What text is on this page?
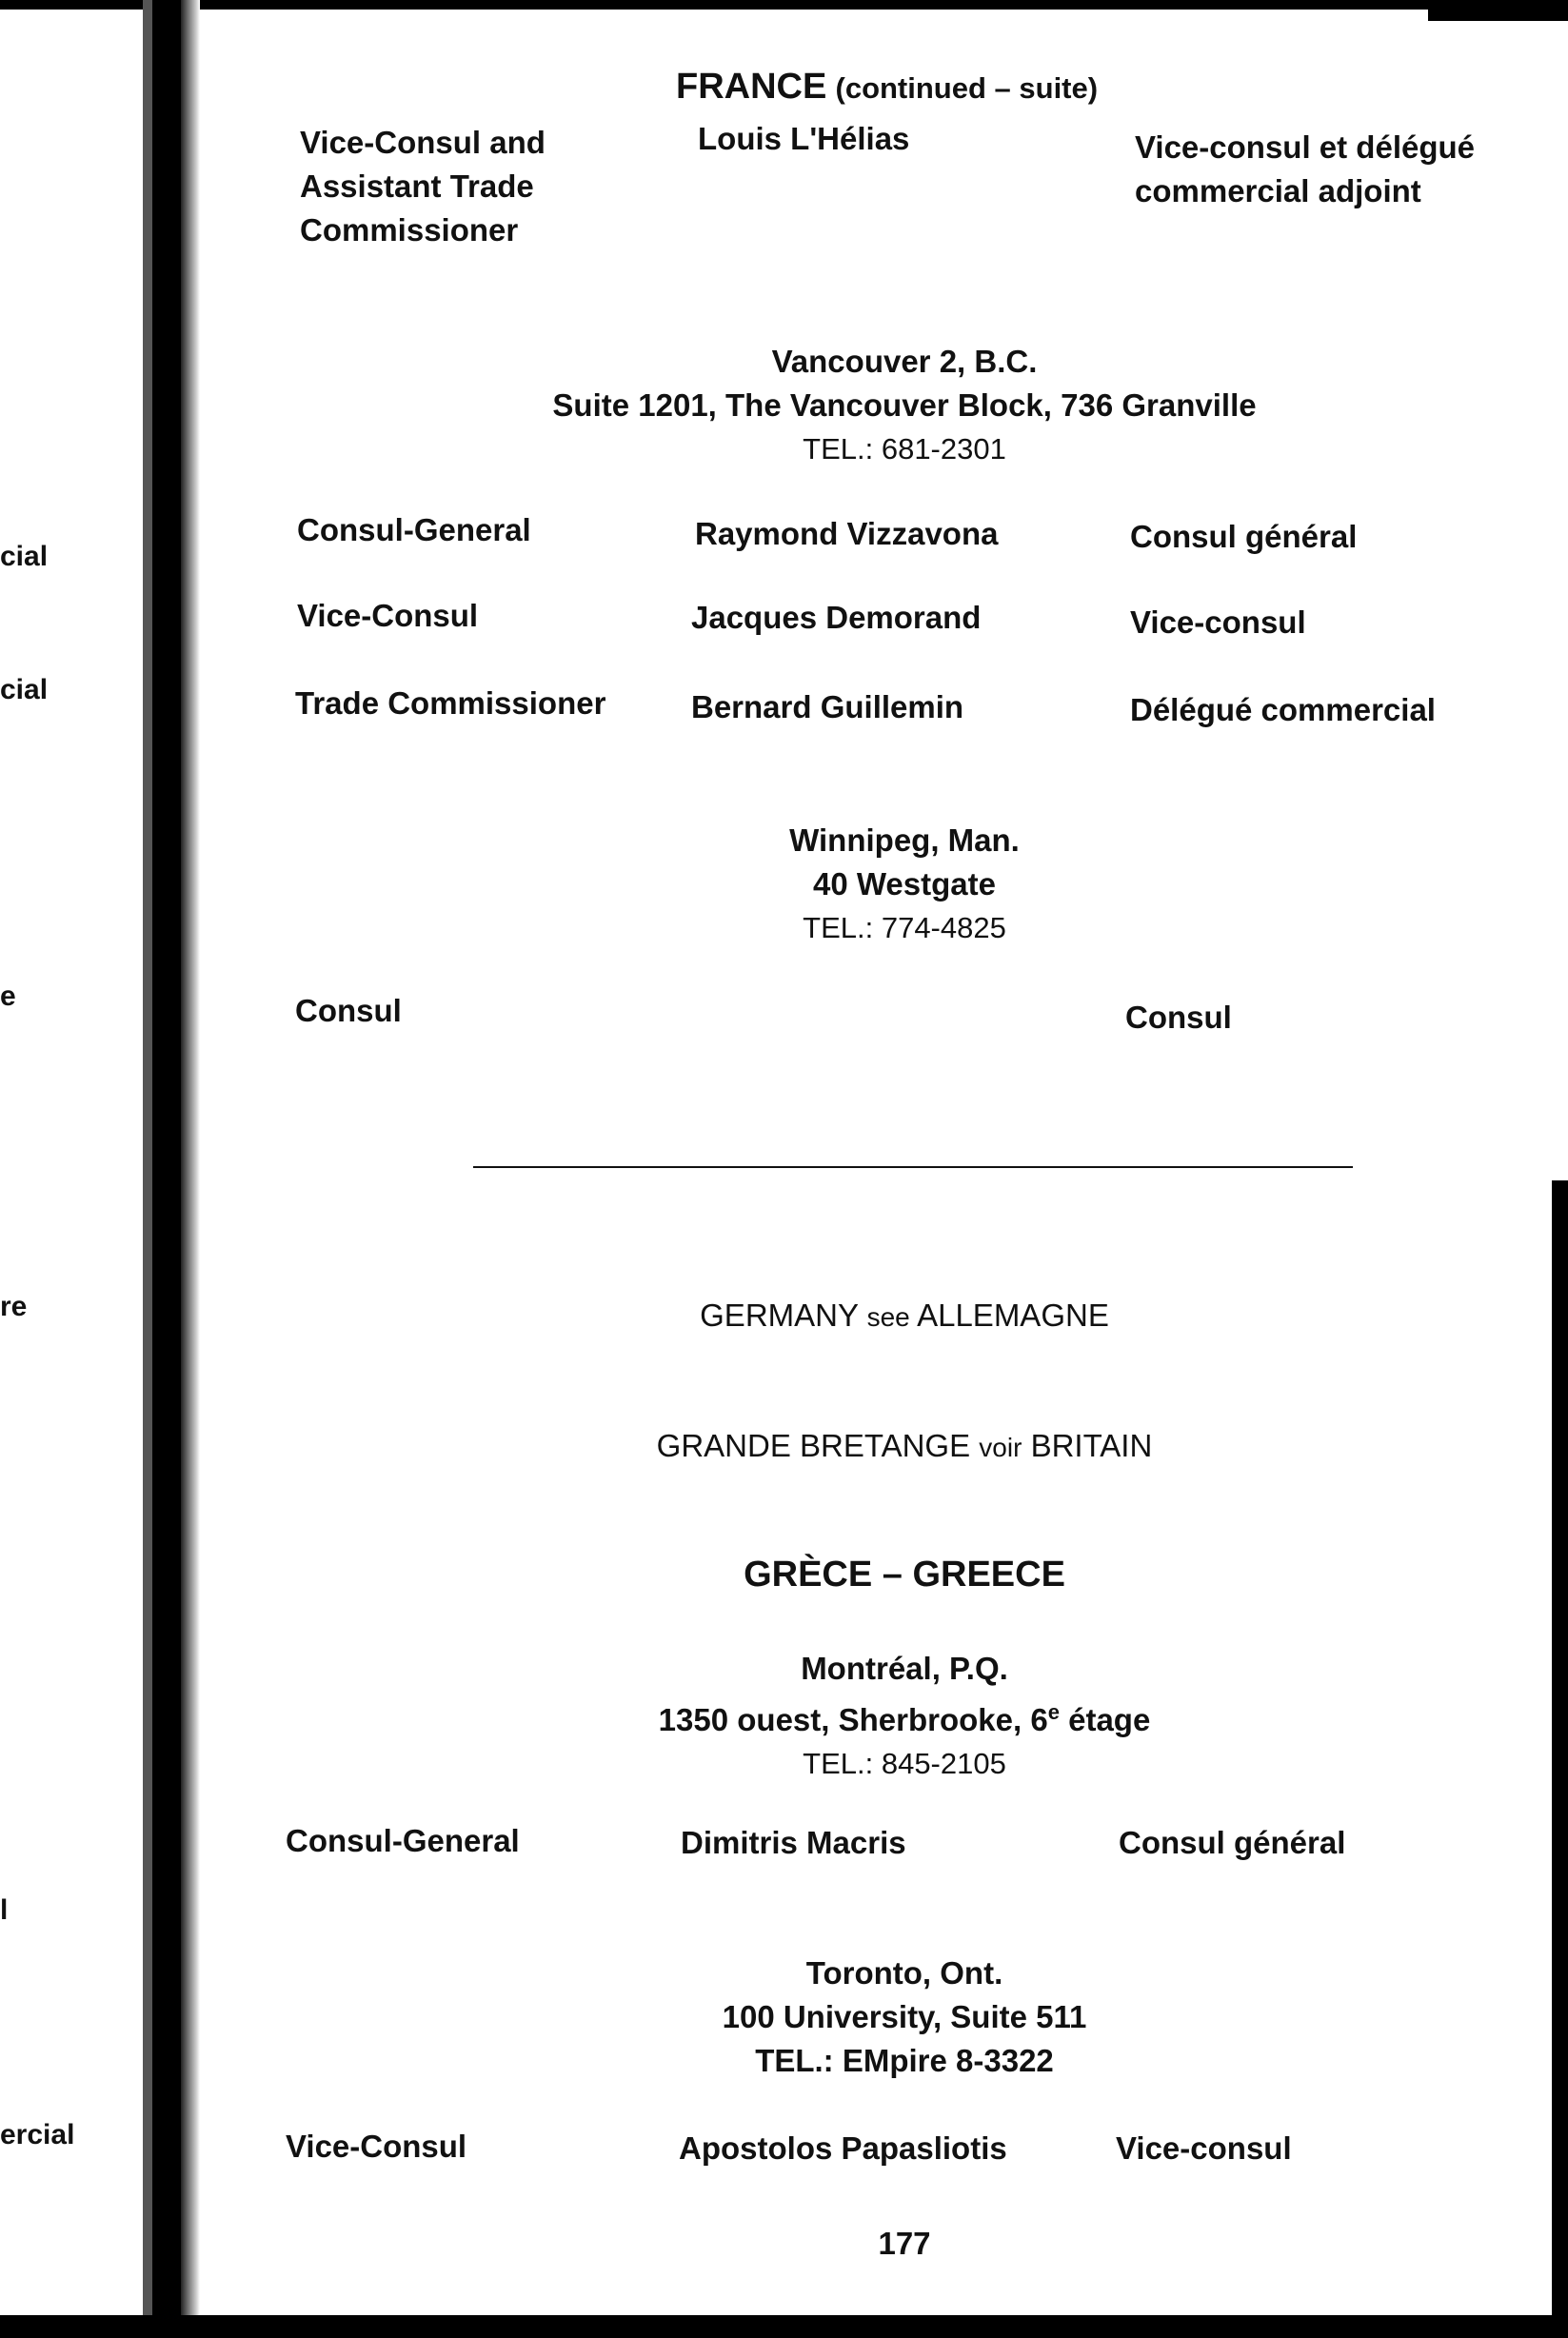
cial
cial
e
re
l
ercial
FRANCE (continued – suite)
Vice-Consul and
Assistant Trade
Commissioner
Louis L'Hélias	Vice-consul et délégué
commercial adjoint
Vancouver 2, B.C.
Suite 1201, The Vancouver Block, 736 Granville
TEL.: 681-2301
Consul-General	Raymond Vizzavona	Consul général
Vice-Consul	Jacques Demorand	Vice-consul
Trade Commissioner	Bernard Guillemin	Délégué commercial
Winnipeg, Man.
40 Westgate
TEL.: 774-4825
Consul	Consul
GERMANY see ALLEMAGNE
GRANDE BRETANGE voir BRITAIN
GRÈCE – GREECE
Montréal, P.Q.
1350 ouest, Sherbrooke, 6e étage
TEL.: 845-2105
Consul-General	Dimitris Macris	Consul général
Toronto, Ont.
100 University, Suite 511
TEL.: EMpire 8-3322
Vice-Consul	Apostolos Papasliotis	Vice-consul
177
